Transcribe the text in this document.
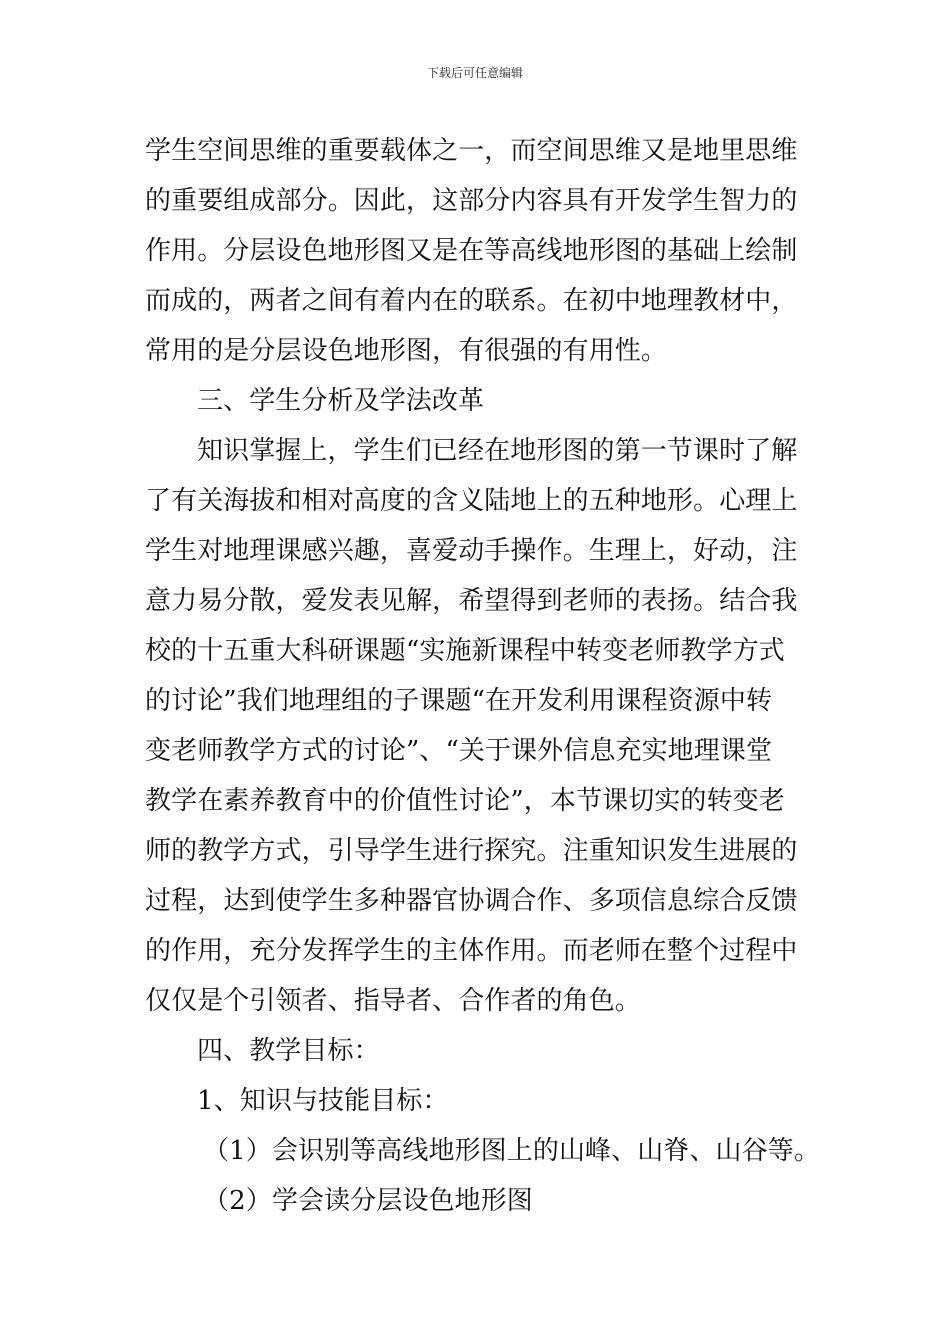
下载后可任意编辑
学生空间思维的重要载体之一，而空间思维又是地里思维
的重要组成部分。因此，这部分内容具有开发学生智力的
作用。分层设色地形图又是在等高线地形图的基础上绘制
而成的，两者之间有着内在的联系。在初中地理教材中，
常用的是分层设色地形图，有很强的有用性。
三、学生分析及学法改革
知识掌握上，学生们已经在地形图的第一节课时了解
了有关海拔和相对高度的含义陆地上的五种地形。心理上
学生对地理课感兴趣，喜爱动手操作。生理上，好动，注
意力易分散，爱发表见解，希望得到老师的表扬。结合我
校的十五重大科研课题“实施新课程中转变老师教学方式
的讨论”我们地理组的子课题“在开发利用课程资源中转
变老师教学方式的讨论”、“关于课外信息充实地理课堂
教学在素养教育中的价值性讨论”，本节课切实的转变老
师的教学方式，引导学生进行探究。注重知识发生进展的
过程，达到使学生多种器官协调合作、多项信息综合反馈
的作用，充分发挥学生的主体作用。而老师在整个过程中
仅仅是个引领者、指导者、合作者的角色。
四、教学目标：
1、知识与技能目标：
（1）会识别等高线地形图上的山峰、山脊、山谷等。
（2）学会读分层设色地形图
